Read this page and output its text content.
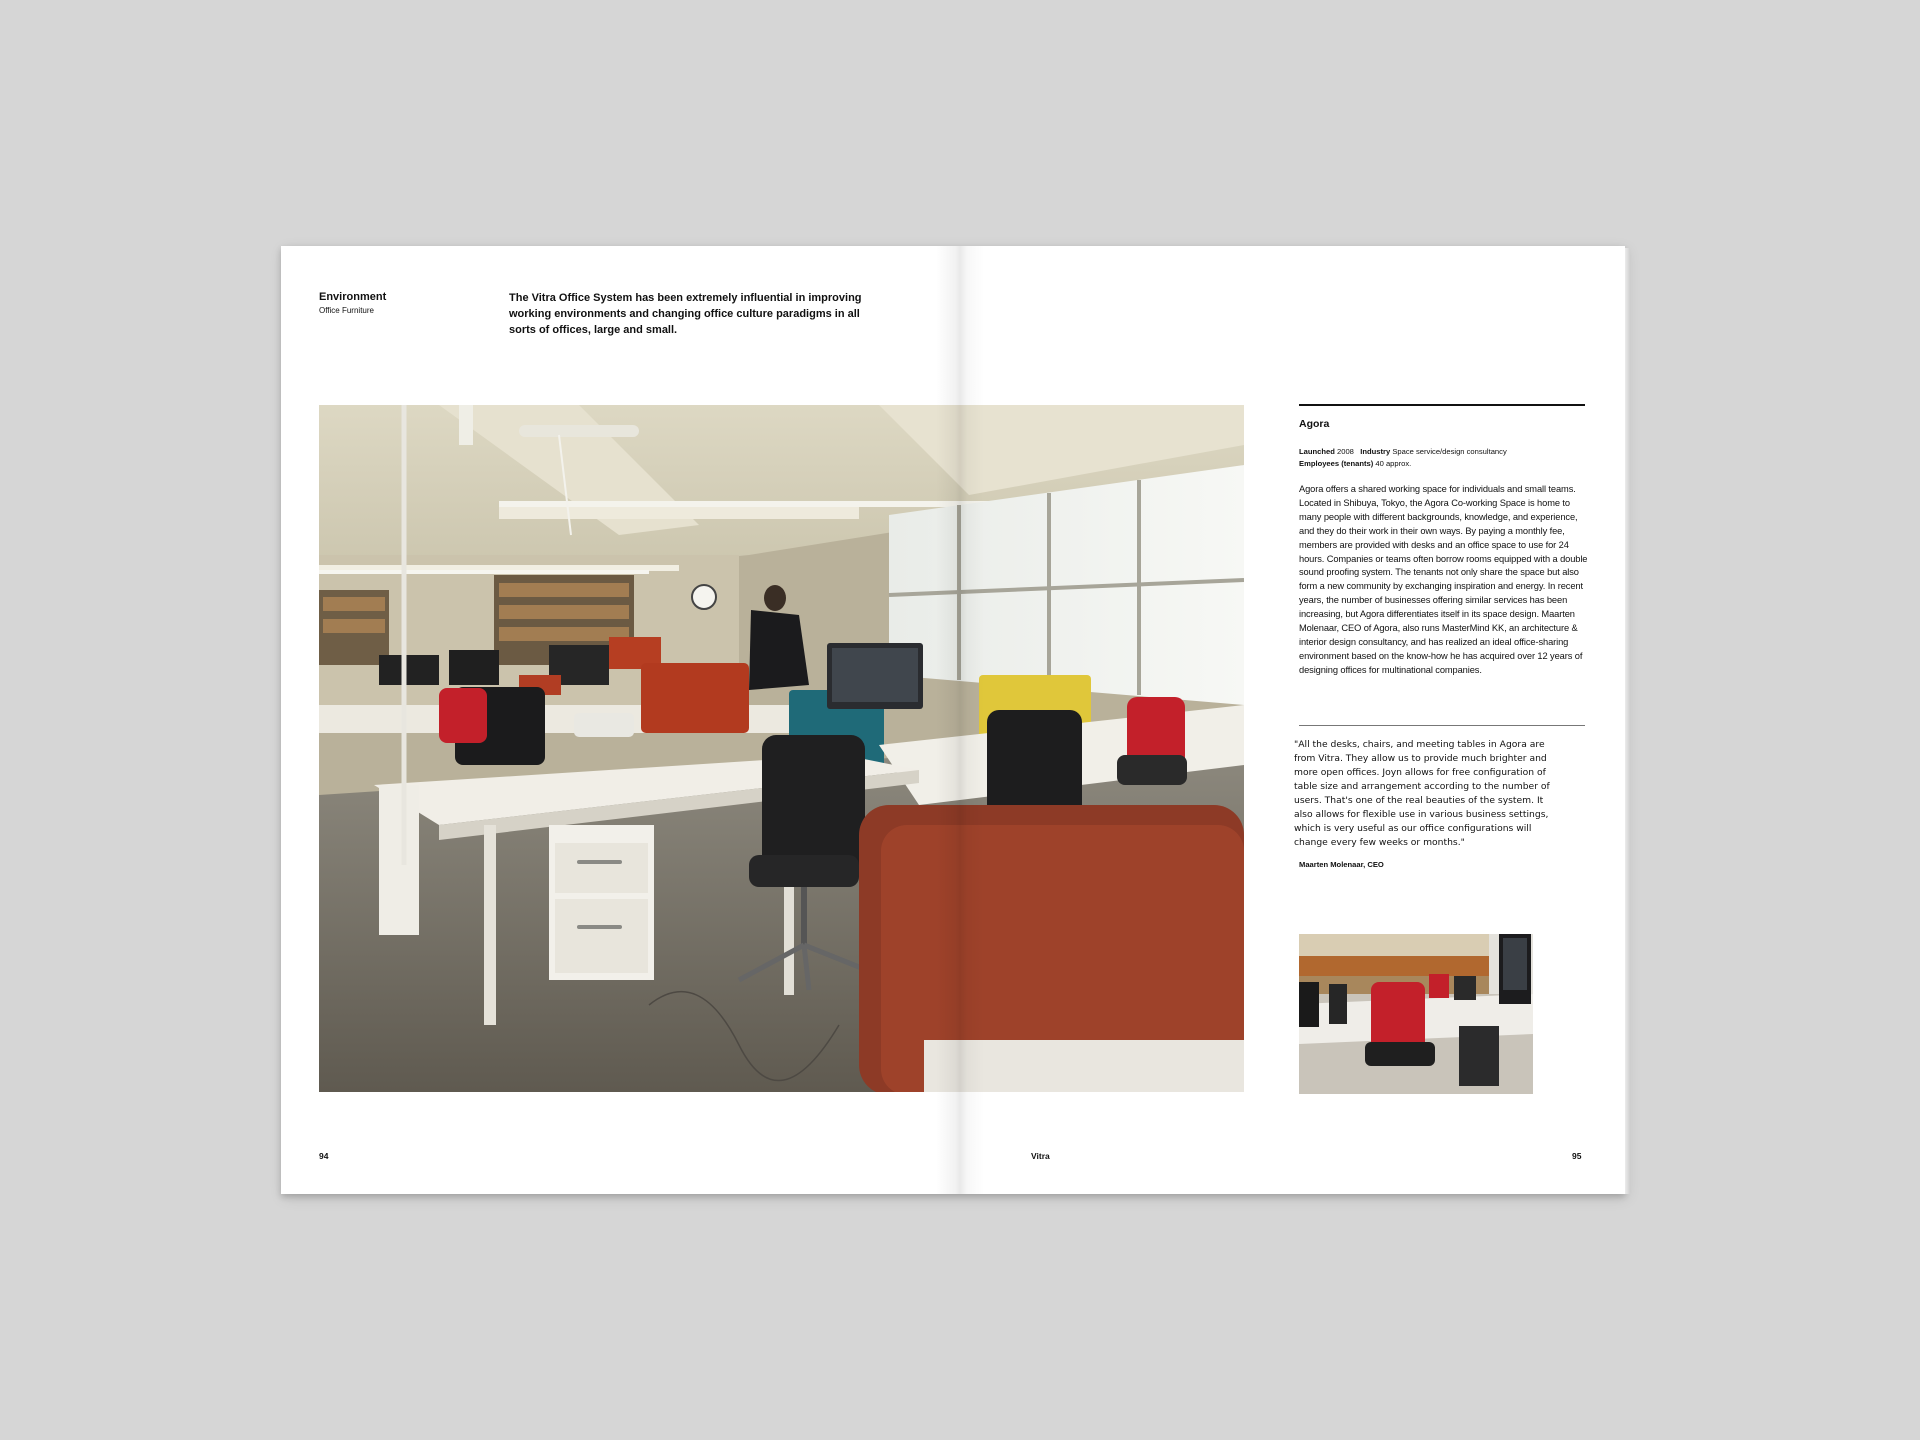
Environment
Office Furniture
The Vitra Office System has been extremely influential in improving working environments and changing office culture paradigms in all sorts of offices, large and small.
Agora
Launched 2008 Industry Space service/design consultancy
Employees (tenants) 40 approx.
Agora offers a shared working space for individuals and small teams. Located in Shibuya, Tokyo, the Agora Co-working Space is home to many people with different backgrounds, knowledge, and experience, and they do their work in their own ways. By paying a monthly fee, members are provided with desks and an office space to use for 24 hours. Companies or teams often borrow rooms equipped with a double sound proofing system. The tenants not only share the space but also form a new community by exchanging inspiration and energy. In recent years, the number of businesses offering similar services has been increasing, but Agora differentiates itself in its space design. Maarten Molenaar, CEO of Agora, also runs MasterMind KK, an architecture & interior design consultancy, and has realized an ideal office-sharing environment based on the know-how he has acquired over 12 years of designing offices for multinational companies.
"All the desks, chairs, and meeting tables in Agora are from Vitra. They allow us to provide much brighter and more open offices. Joyn allows for free configuration of table size and arrangement according to the number of users. That's one of the real beauties of the system. It also allows for flexible use in various business settings, which is very useful as our office configurations will change every few weeks or months."
Maarten Molenaar, CEO
94	Vitra	95
